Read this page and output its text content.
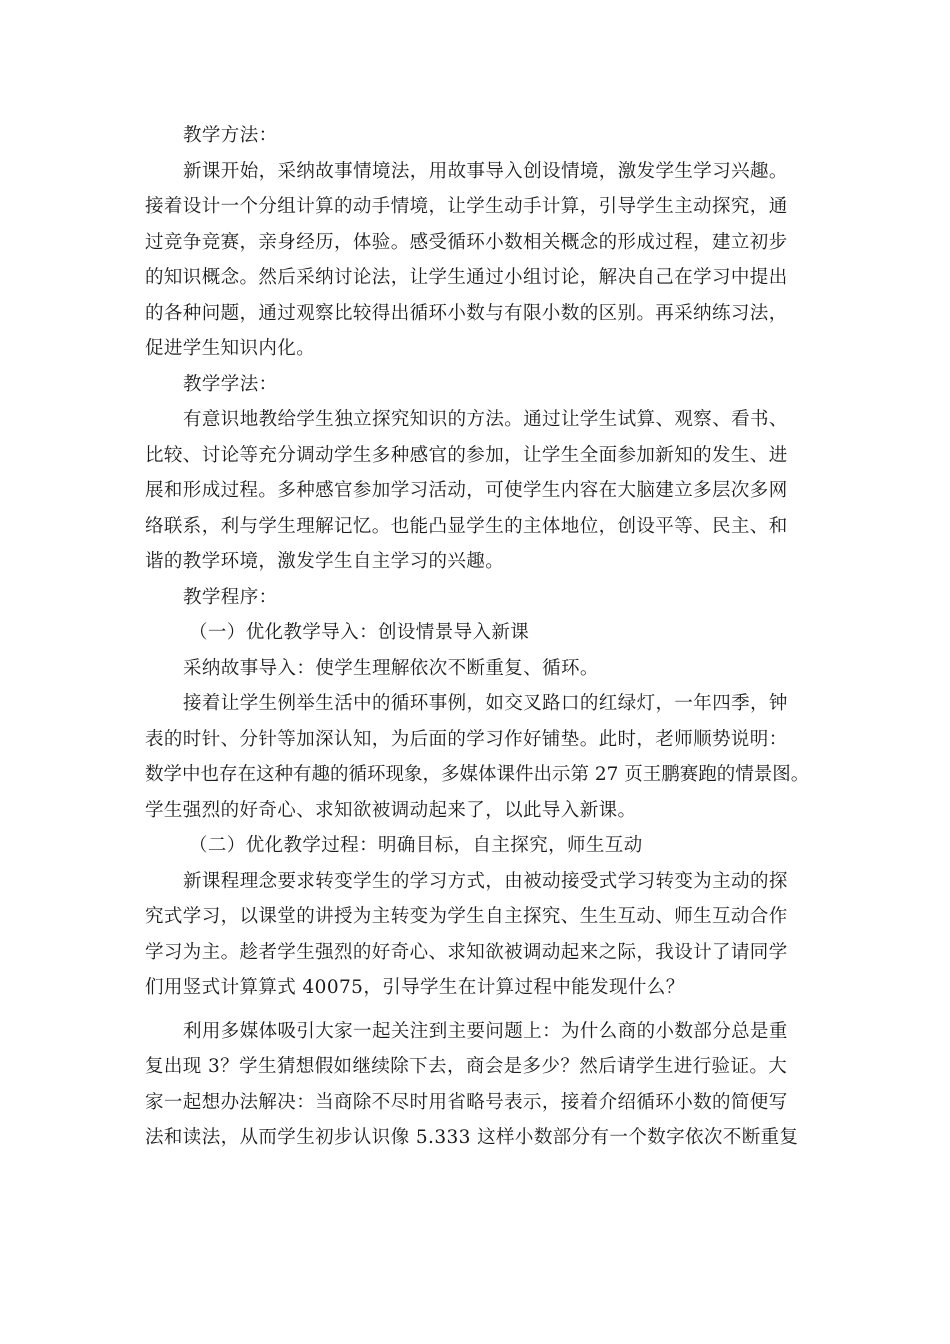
教学方法：
新课开始，采纳故事情境法，用故事导入创设情境，激发学生学习兴趣。
接着设计一个分组计算的动手情境，让学生动手计算，引导学生主动探究，通
过竞争竞赛，亲身经历，体验。感受循环小数相关概念的形成过程，建立初步
的知识概念。然后采纳讨论法，让学生通过小组讨论，解决自己在学习中提出
的各种问题，通过观察比较得出循环小数与有限小数的区别。再采纳练习法，
促进学生知识内化。
教学学法：
有意识地教给学生独立探究知识的方法。通过让学生试算、观察、看书、
比较、讨论等充分调动学生多种感官的参加，让学生全面参加新知的发生、进
展和形成过程。多种感官参加学习活动，可使学生内容在大脑建立多层次多网
络联系，利与学生理解记忆。也能凸显学生的主体地位，创设平等、民主、和
谐的教学环境，激发学生自主学习的兴趣。
教学程序：
（一）优化教学导入：创设情景导入新课
采纳故事导入：使学生理解依次不断重复、循环。
接着让学生例举生活中的循环事例，如交叉路口的红绿灯，一年四季，钟
表的时针、分针等加深认知，为后面的学习作好铺垫。此时，老师顺势说明：
数学中也存在这种有趣的循环现象，多媒体课件出示第 27 页王鹏赛跑的情景图。
学生强烈的好奇心、求知欲被调动起来了，以此导入新课。
（二）优化教学过程：明确目标，自主探究，师生互动
新课程理念要求转变学生的学习方式，由被动接受式学习转变为主动的探
究式学习，以课堂的讲授为主转变为学生自主探究、生生互动、师生互动合作
学习为主。趁者学生强烈的好奇心、求知欲被调动起来之际，我设计了请同学
们用竖式计算算式 40075，引导学生在计算过程中能发现什么？
利用多媒体吸引大家一起关注到主要问题上：为什么商的小数部分总是重
复出现 3？学生猜想假如继续除下去，商会是多少？然后请学生进行验证。大
家一起想办法解决：当商除不尽时用省略号表示，接着介绍循环小数的简便写
法和读法，从而学生初步认识像 5.333 这样小数部分有一个数字依次不断重复
